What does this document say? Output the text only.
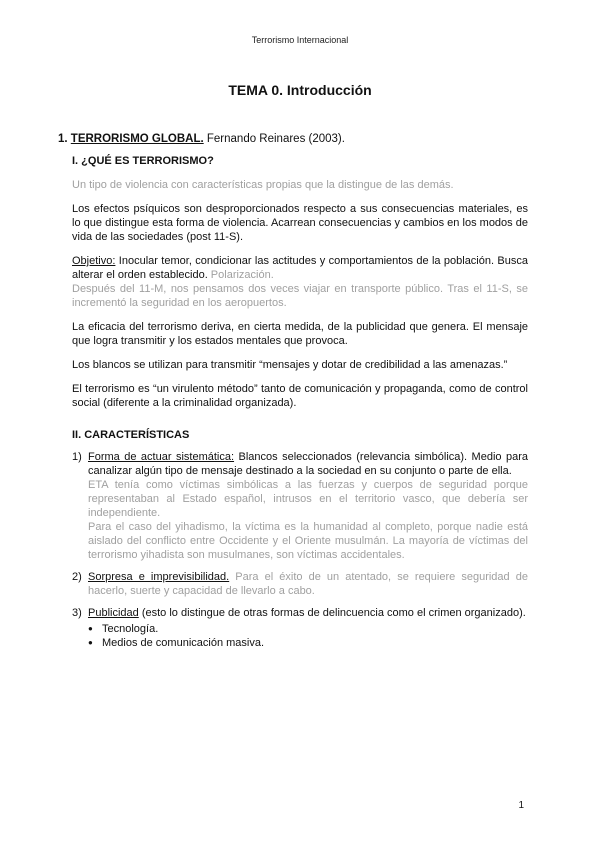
Terrorismo Internacional
TEMA 0. Introducción
1. TERRORISMO GLOBAL. Fernando Reinares (2003).
I. ¿QUÉ ES TERRORISMO?

Un tipo de violencia con características propias que la distingue de las demás.

Los efectos psíquicos son desproporcionados respecto a sus consecuencias materiales, es lo que distingue esta forma de violencia. Acarrean consecuencias y cambios en los modos de vida de las sociedades (post 11-S).

Objetivo: Inocular temor, condicionar las actitudes y comportamientos de la población. Busca alterar el orden establecido. Polarización.

Después del 11-M, nos pensamos dos veces viajar en transporte público. Tras el 11-S, se incrementó la seguridad en los aeropuertos.

La eficacia del terrorismo deriva, en cierta medida, de la publicidad que genera. El mensaje que logra transmitir y los estados mentales que provoca.

Los blancos se utilizan para transmitir “mensajes y dotar de credibilidad a las amenazas.”

El terrorismo es “un virulento método” tanto de comunicación y propaganda, como de control social (diferente a la criminalidad organizada).

II. CARACTERÍSTICAS
1) Forma de actuar sistemática: Blancos seleccionados (relevancia simbólica). Medio para canalizar algún tipo de mensaje destinado a la sociedad en su conjunto o parte de ella.

ETA tenía como víctimas simbólicas a las fuerzas y cuerpos de seguridad porque representaban al Estado español, intrusos en el territorio vasco, que debería ser independiente.

Para el caso del yihadismo, la víctima es la humanidad al completo, porque nadie está aislado del conflicto entre Occidente y el Oriente musulmán. La mayoría de víctimas del terrorismo yihadista son musulmanes, son víctimas accidentales.

2) Sorpresa e imprevisibilidad. Para el éxito de un atentado, se requiere seguridad de hacerlo, suerte y capacidad de llevarlo a cabo.

3) Publicidad (esto lo distingue de otras formas de delincuencia como el crimen organizado).

● Tecnología.
● Medios de comunicación masiva.
1
